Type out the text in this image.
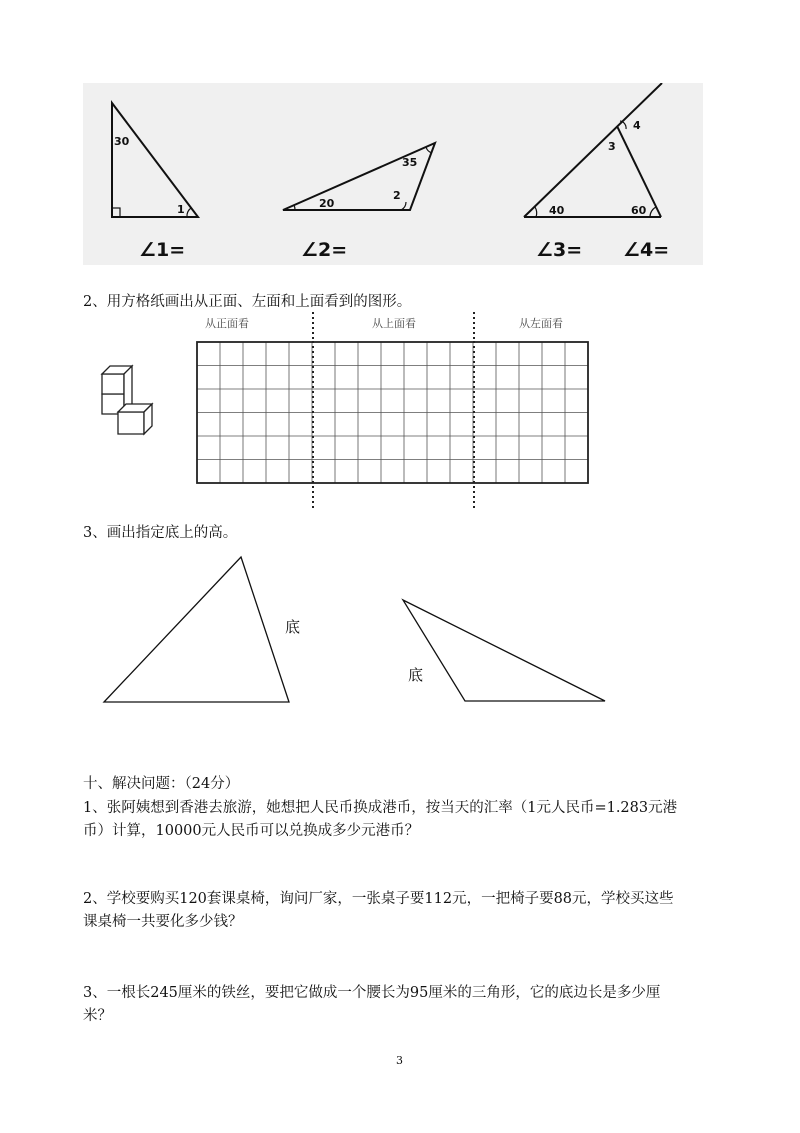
30
1	20
35
2
4
3
40	60
∠1=	∠2=	∠3= ∠4=
2、用方格纸画出从正面、左面和上面看到的图形。
从正面看	从上面看	从左面看
3、画出指定底上的高。
底
底
十、解决问题：（24分）
1、张阿姨想到香港去旅游，她想把人民币换成港币，按当天的汇率（1元人民币=1.283元港
币）计算，10000元人民币可以兑换成多少元港币？
2、学校要购买120套课桌椅，询问厂家，一张桌子要112元，一把椅子要88元，学校买这些
课桌椅一共要化多少钱？
3、一根长245厘米的铁丝，要把它做成一个腰长为95厘米的三角形，它的底边长是多少厘
米？
3
